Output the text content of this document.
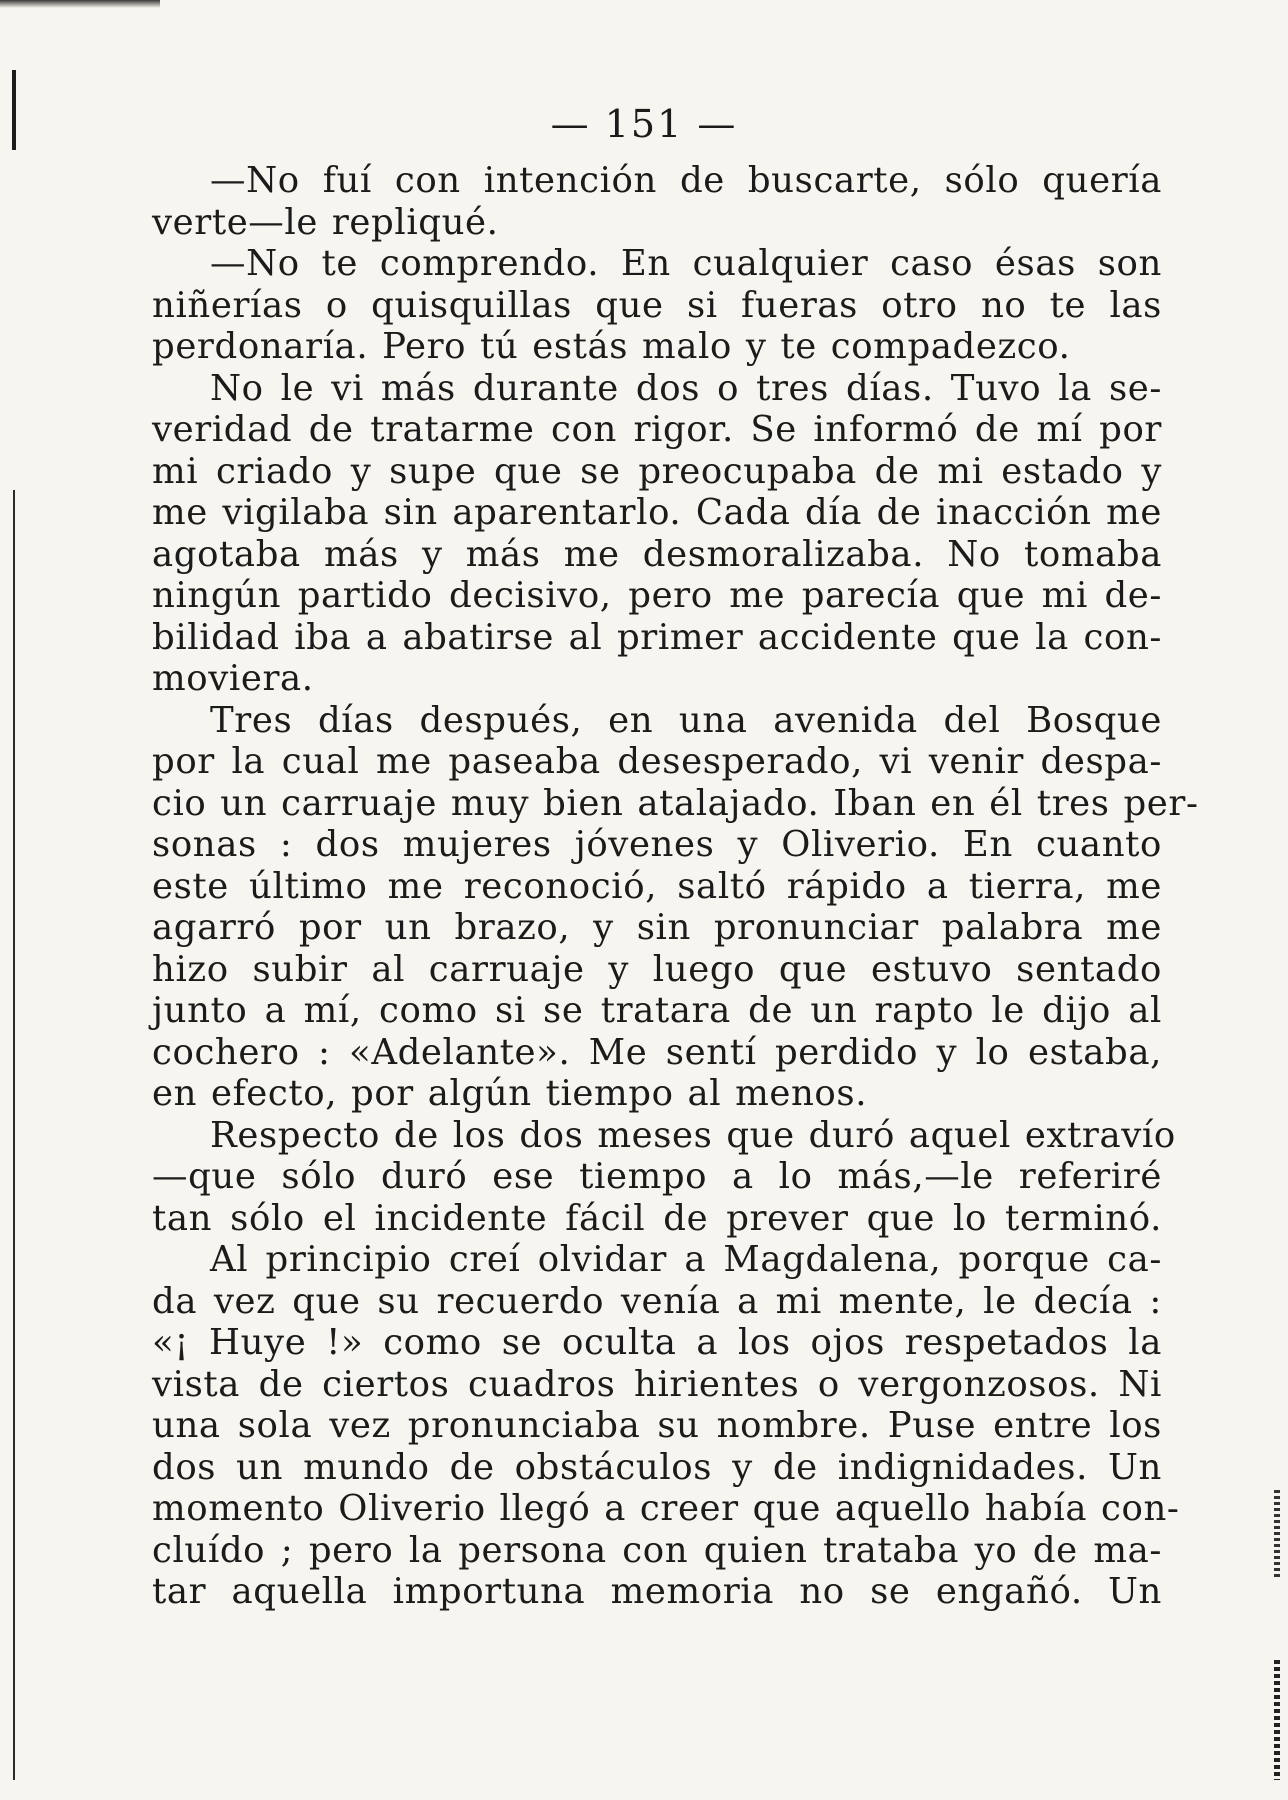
— 151 —
—No fuí con intención de buscarte, sólo quería
verte—le repliqué.
—No te comprendo. En cualquier caso ésas son
niñerías o quisquillas que si fueras otro no te las
perdonaría. Pero tú estás malo y te compadezco.
No le vi más durante dos o tres días. Tuvo la se-
veridad de tratarme con rigor. Se informó de mí por
mi criado y supe que se preocupaba de mi estado y
me vigilaba sin aparentarlo. Cada día de inacción me
agotaba más y más me desmoralizaba. No tomaba
ningún partido decisivo, pero me parecía que mi de-
bilidad iba a abatirse al primer accidente que la con-
moviera.
Tres días después, en una avenida del Bosque
por la cual me paseaba desesperado, vi venir despa-
cio un carruaje muy bien atalajado. Iban en él tres per-
sonas : dos mujeres jóvenes y Oliverio. En cuanto
este último me reconoció, saltó rápido a tierra, me
agarró por un brazo, y sin pronunciar palabra me
hizo subir al carruaje y luego que estuvo sentado
junto a mí, como si se tratara de un rapto le dijo al
cochero : «Adelante». Me sentí perdido y lo estaba,
en efecto, por algún tiempo al menos.
Respecto de los dos meses que duró aquel extravío
—que sólo duró ese tiempo a lo más,—le referiré
tan sólo el incidente fácil de prever que lo terminó.
Al principio creí olvidar a Magdalena, porque ca-
da vez que su recuerdo venía a mi mente, le decía :
«¡ Huye !» como se oculta a los ojos respetados la
vista de ciertos cuadros hirientes o vergonzosos. Ni
una sola vez pronunciaba su nombre. Puse entre los
dos un mundo de obstáculos y de indignidades. Un
momento Oliverio llegó a creer que aquello había con-
cluído ; pero la persona con quien trataba yo de ma-
tar aquella importuna memoria no se engañó. Un
